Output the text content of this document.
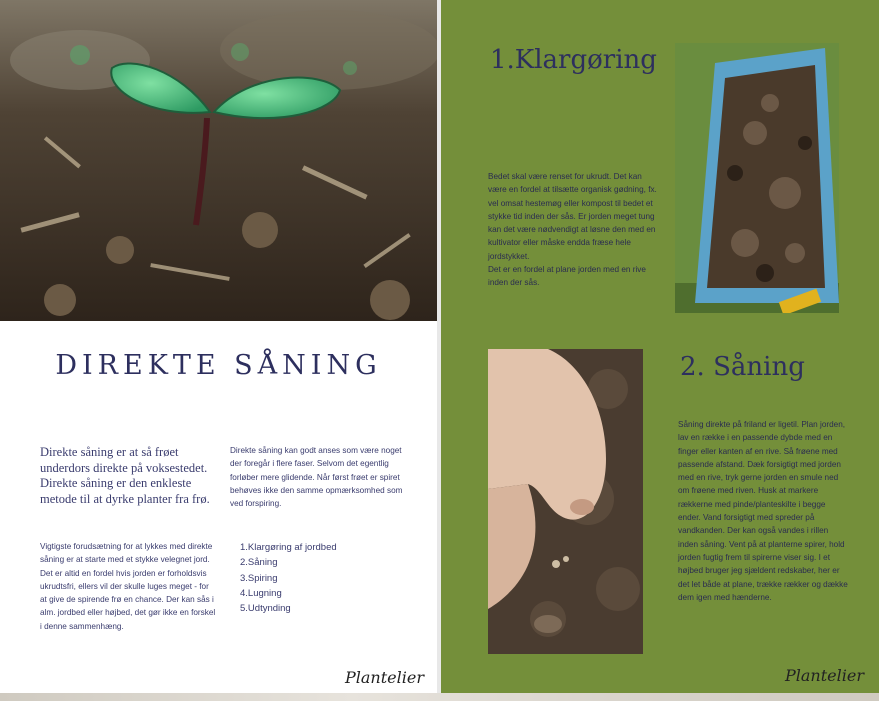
DIREKTE SÅNING
Direkte såning er at så frøet underdors direkte på voksestedet. Direkte såning er den enkleste metode til at dyrke planter fra frø.
Vigtigste forudsætning for at lykkes med direkte såning er at starte med et stykke velegnet jord. Det er altid en fordel hvis jorden er forholdsvis ukrudtsfri, ellers vil der skulle luges meget - for at give de spirende frø en chance. Der kan sås i alm. jordbed eller højbed, det gør ikke en forskel i denne sammenhæng.
Direkte såning kan godt anses som være noget der foregår i flere faser. Selvom det egentlig forløber mere glidende. Når først frøet er spiret behøves ikke den samme opmærksomhed som ved forspiring.
1.Klargøring af jordbed
2.Såning
3.Spiring
4.Lugning
5.Udtynding
Plantelier
1.Klargøring
Bedet skal være renset for ukrudt. Det kan være en fordel at tilsætte organisk gødning, fx. vel omsat hestemøg eller kompost til bedet et stykke tid inden der sås. Er jorden meget tung kan det være nødvendigt at løsne den med en kultivator eller måske endda fræse hele jordstykket.
Det er en fordel at plane jorden med en rive inden der sås.
2. Såning
Såning direkte på friland er ligetil. Plan jorden, lav en række i en passende dybde med en finger eller kanten af en rive. Så frøene med passende afstand. Dæk forsigtigt med jorden med en rive, tryk gerne jorden en smule ned om frøene med riven. Husk at markere rækkerne med pinde/planteskilte i begge ender. Vand forsigtigt med spreder på vandkanden. Der kan også vandes i rillen inden såning. Vent på at planterne spirer, hold jorden fugtig frem til spirerne viser sig. I et højbed bruger jeg sjældent redskaber, her er det let både at plane, trække rækker og dække dem igen med hænderne.
Plantelier
